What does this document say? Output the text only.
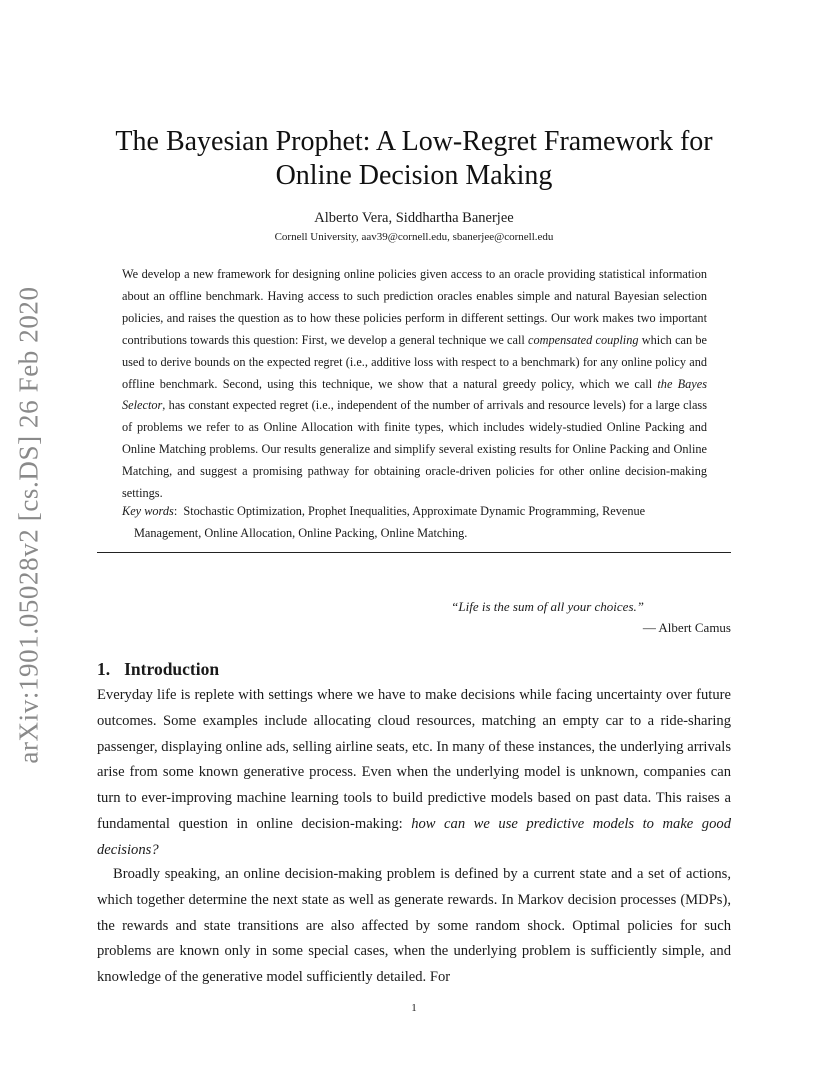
arXiv:1901.05028v2 [cs.DS] 26 Feb 2020
The Bayesian Prophet: A Low-Regret Framework for
Online Decision Making
Alberto Vera, Siddhartha Banerjee
Cornell University, aav39@cornell.edu, sbanerjee@cornell.edu
We develop a new framework for designing online policies given access to an oracle providing statistical information about an offline benchmark. Having access to such prediction oracles enables simple and natural Bayesian selection policies, and raises the question as to how these policies perform in different settings. Our work makes two important contributions towards this question: First, we develop a general technique we call compensated coupling which can be used to derive bounds on the expected regret (i.e., additive loss with respect to a benchmark) for any online policy and offline benchmark. Second, using this technique, we show that a natural greedy policy, which we call the Bayes Selector, has constant expected regret (i.e., independent of the number of arrivals and resource levels) for a large class of problems we refer to as Online Allocation with finite types, which includes widely-studied Online Packing and Online Matching problems. Our results generalize and simplify several existing results for Online Packing and Online Matching, and suggest a promising pathway for obtaining oracle-driven policies for other online decision-making settings.
Key words:  Stochastic Optimization, Prophet Inequalities, Approximate Dynamic Programming, Revenue
Management, Online Allocation, Online Packing, Online Matching.
“Life is the sum of all your choices.”
— Albert Camus
1. Introduction
Everyday life is replete with settings where we have to make decisions while facing uncertainty over future outcomes. Some examples include allocating cloud resources, matching an empty car to a ride-sharing passenger, displaying online ads, selling airline seats, etc. In many of these instances, the underlying arrivals arise from some known generative process. Even when the underlying model is unknown, companies can turn to ever-improving machine learning tools to build predictive models based on past data. This raises a fundamental question in online decision-making: how can we use predictive models to make good decisions?
Broadly speaking, an online decision-making problem is defined by a current state and a set of actions, which together determine the next state as well as generate rewards. In Markov decision processes (MDPs), the rewards and state transitions are also affected by some random shock. Optimal policies for such problems are known only in some special cases, when the underlying problem is sufficiently simple, and knowledge of the generative model sufficiently detailed. For
1
